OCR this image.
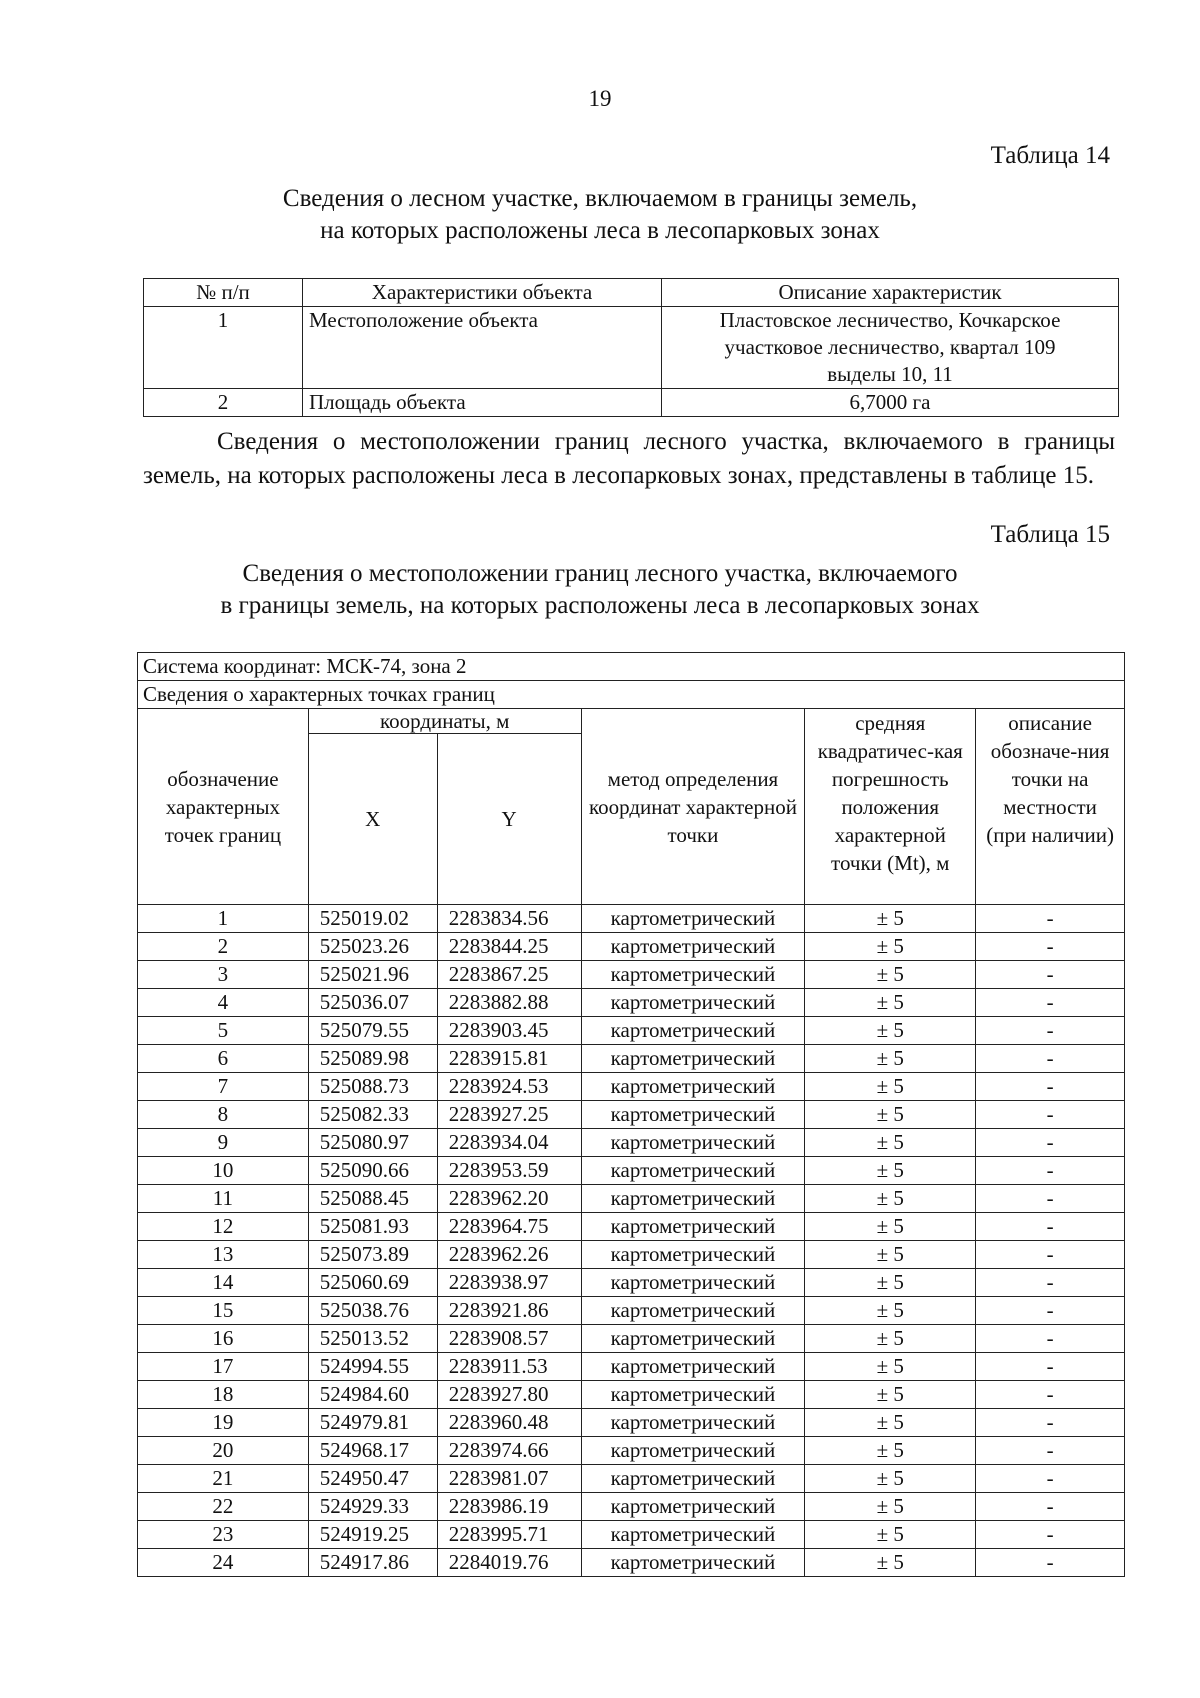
19
Таблица 14
Сведения о лесном участке, включаемом в границы земель,
на которых расположены леса в лесопарковых зонах
№ п/п	Характеристики объекта	Описание характеристик
1	Местоположение объекта	Пластовское лесничество, Кочкарское участковое лесничество, квартал 109 выделы 10, 11
2	Площадь объекта	6,7000 га
Сведения о местоположении границ лесного участка, включаемого в границы земель, на которых расположены леса в лесопарковых зонах, представлены в таблице 15.
Таблица 15
Сведения о местоположении границ лесного участка, включаемого
в границы земель, на которых расположены леса в лесопарковых зонах
Система координат: МСК-74, зона 2					
Сведения о характерных точках границ					
обозначение характерных точек границ	координаты, м		метод определения координат характерной точки	средняя квадратичес-кая погрешность положения характерной точки (Mt), м	описание обозначе-ния точки на местности (при наличии)
	X	Y			
1	525019.02	2283834.56	картометрический	± 5	-
2	525023.26	2283844.25	картометрический	± 5	-
3	525021.96	2283867.25	картометрический	± 5	-
4	525036.07	2283882.88	картометрический	± 5	-
5	525079.55	2283903.45	картометрический	± 5	-
6	525089.98	2283915.81	картометрический	± 5	-
7	525088.73	2283924.53	картометрический	± 5	-
8	525082.33	2283927.25	картометрический	± 5	-
9	525080.97	2283934.04	картометрический	± 5	-
10	525090.66	2283953.59	картометрический	± 5	-
11	525088.45	2283962.20	картометрический	± 5	-
12	525081.93	2283964.75	картометрический	± 5	-
13	525073.89	2283962.26	картометрический	± 5	-
14	525060.69	2283938.97	картометрический	± 5	-
15	525038.76	2283921.86	картометрический	± 5	-
16	525013.52	2283908.57	картометрический	± 5	-
17	524994.55	2283911.53	картометрический	± 5	-
18	524984.60	2283927.80	картометрический	± 5	-
19	524979.81	2283960.48	картометрический	± 5	-
20	524968.17	2283974.66	картометрический	± 5	-
21	524950.47	2283981.07	картометрический	± 5	-
22	524929.33	2283986.19	картометрический	± 5	-
23	524919.25	2283995.71	картометрический	± 5	-
24	524917.86	2284019.76	картометрический	± 5	-
